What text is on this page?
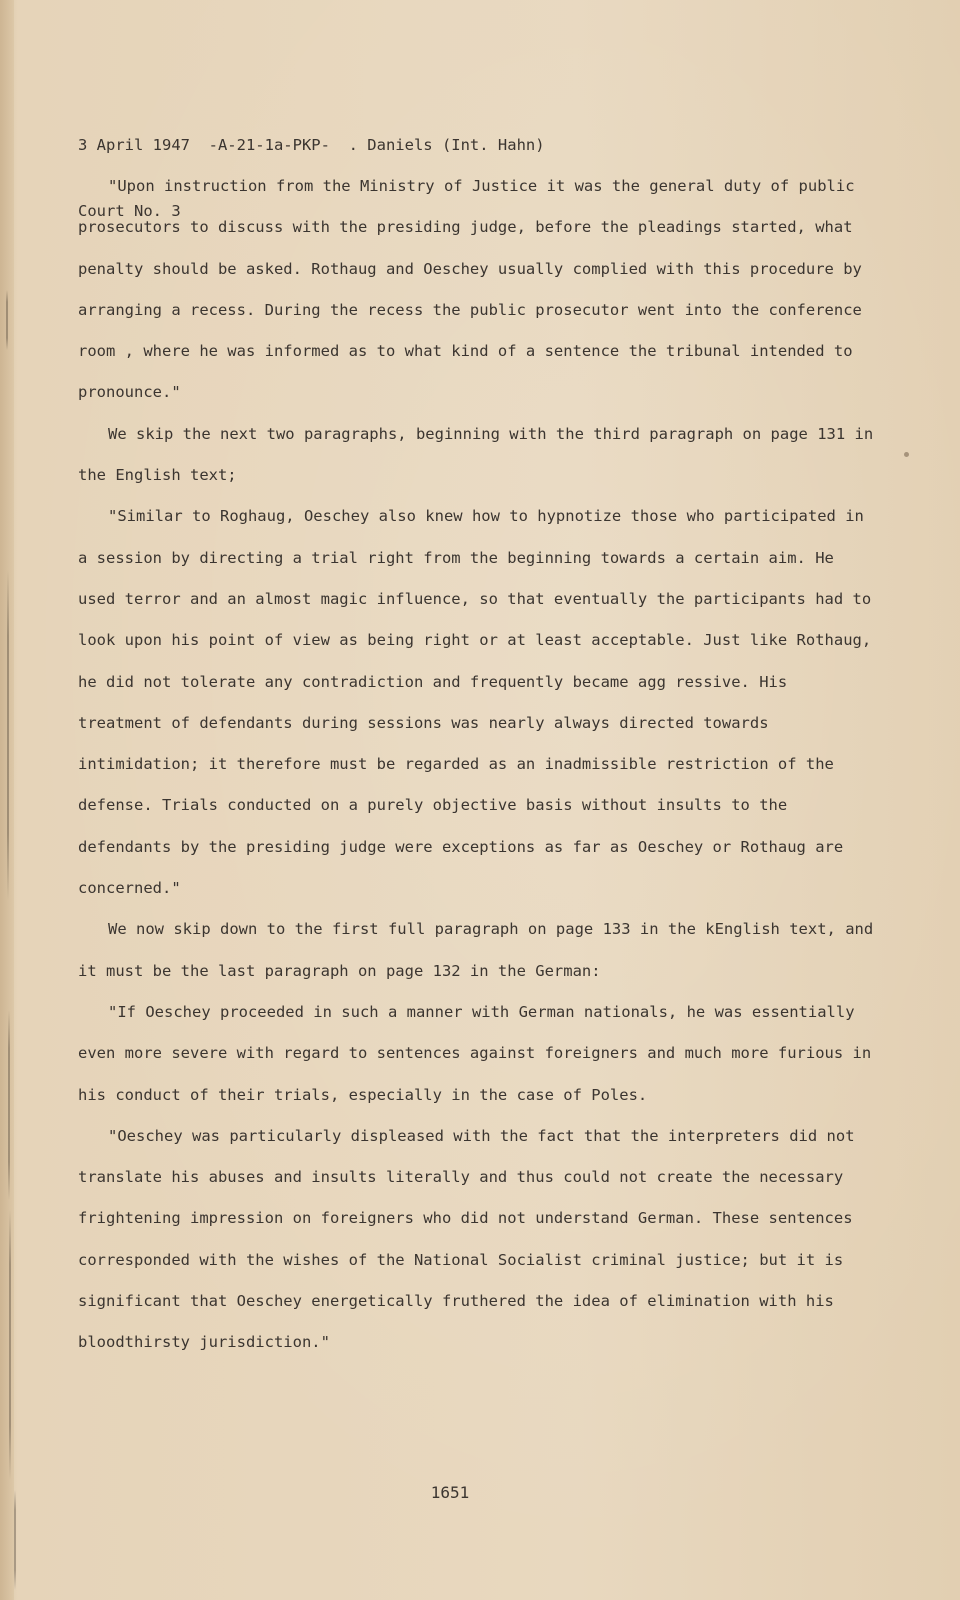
3 April 1947  -A-21-1a-PKP-  . Daniels (Int. Hahn)

Court No. 3

"Upon instruction from the Ministry of Justice it was the general duty of public prosecutors to discuss with the presiding judge, before the pleadings started, what penalty should be asked. Rothaug and Oeschey usually complied with this procedure by arranging a recess. During the recess the public prosecutor went into the conference room , where he was informed as to what kind of a sentence the tribunal intended to pronounce."

We skip the next two paragraphs, beginning with the third paragraph on page 131 in the English text;

"Similar to Roghaug, Oeschey also knew how to hypnotize those who participated in a session by directing a trial right from the beginning towards a certain aim. He used terror and an almost magic influence, so that eventually the participants had to look upon his point of view as being right or at least acceptable. Just like Rothaug, he did not tolerate any contradiction and frequently became agg ressive. His treatment of defendants during sessions was nearly always directed towards intimidation; it therefore must be regarded as an inadmissible restriction of the defense. Trials conducted on a purely objective basis without insults to the defendants by the presiding judge were exceptions as far as Oeschey or Rothaug are concerned."

We now skip down to the first full paragraph on page 133 in the kEnglish text, and it must be the last paragraph on page 132 in the German:

"If Oeschey proceeded in such a manner with German nationals, he was essentially even more severe with regard to sentences against foreigners and much more furious in his conduct of their trials, especially in the case of Poles.

"Oeschey was particularly displeased with the fact that the interpreters did not translate his abuses and insults literally and thus could not create the necessary frightening impression on foreigners who did not understand German. These sentences corresponded with the wishes of the National Socialist criminal justice; but it is significant that Oeschey energetically fruthered the idea of elimination with his bloodthirsty jurisdiction."

1651
